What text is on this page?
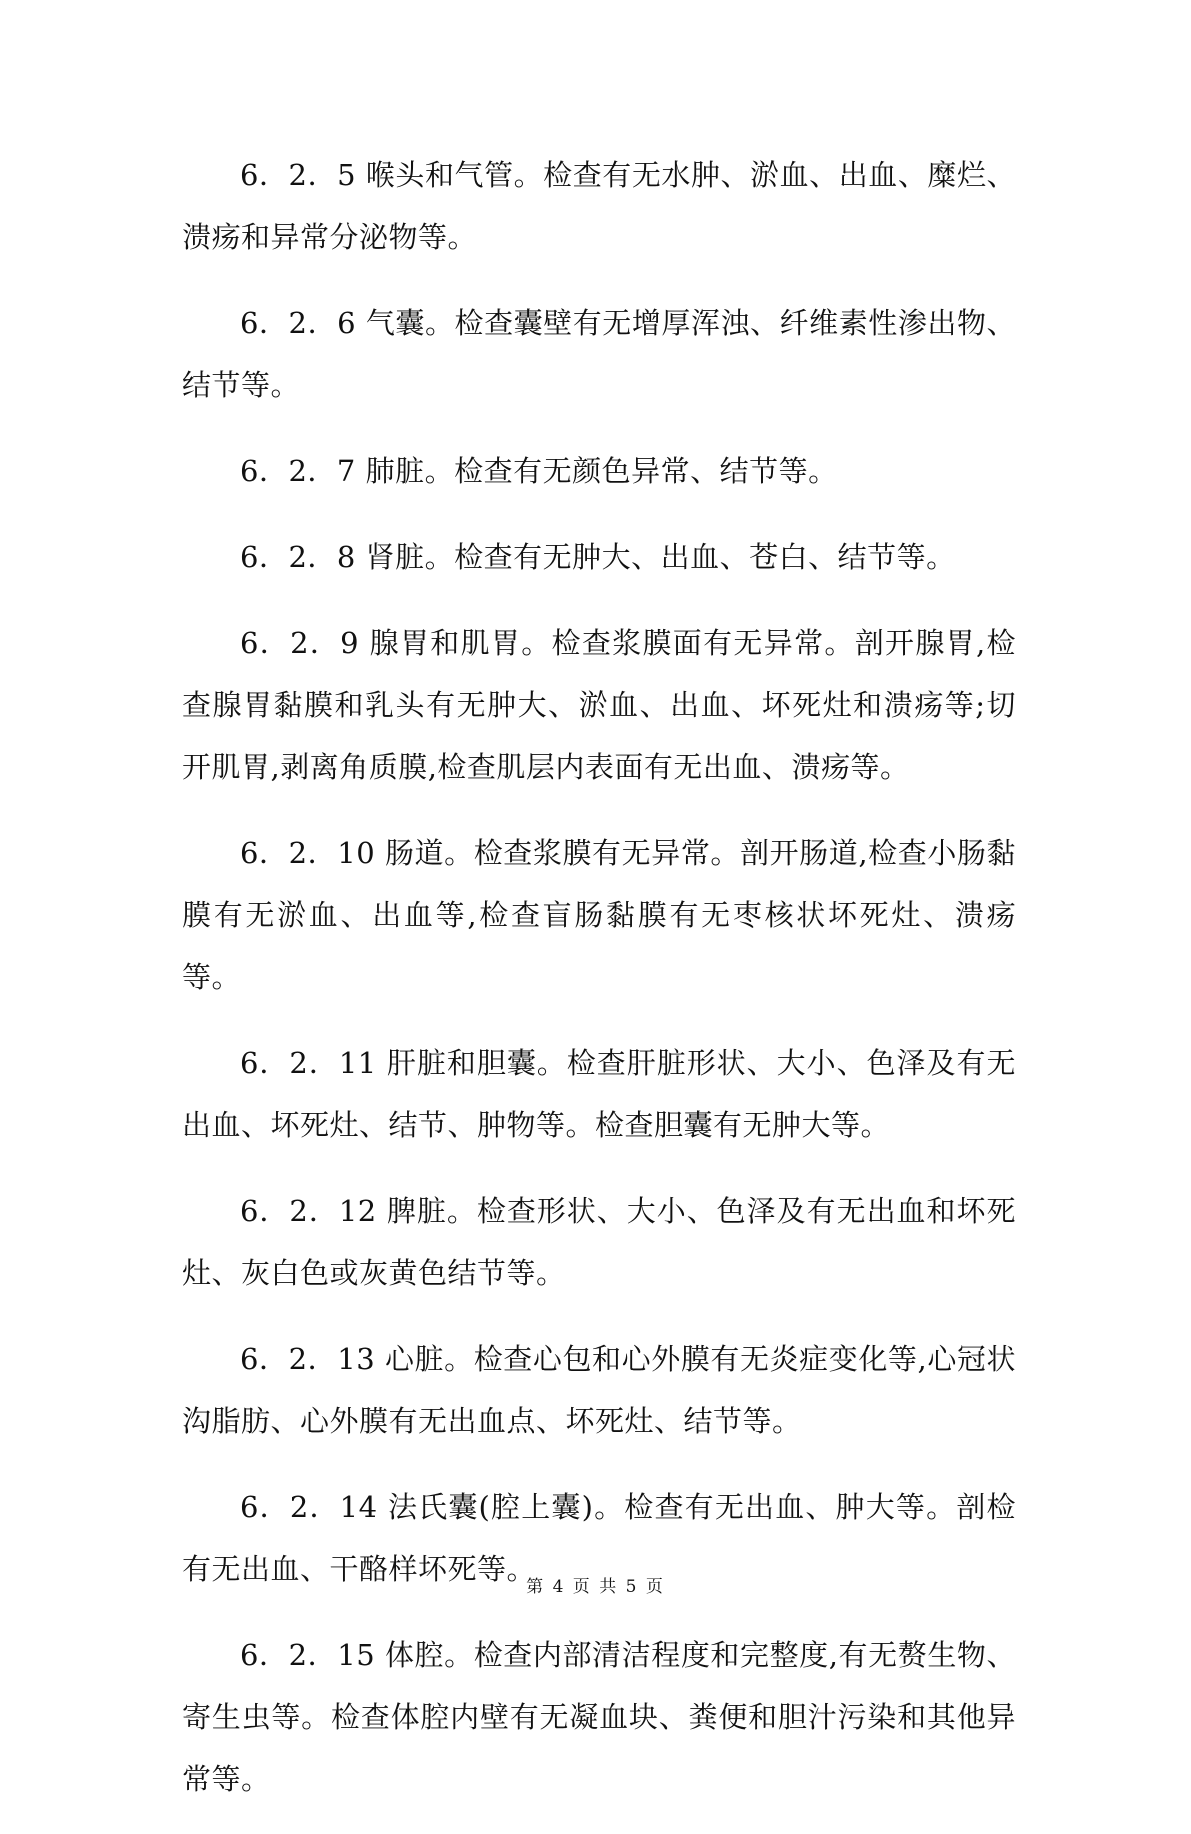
6．2．5 喉头和气管。检查有无水肿、淤血、出血、糜烂、溃疡和异常分泌物等。

6．2．6 气囊。检查囊壁有无增厚浑浊、纤维素性渗出物、结节等。

6．2．7 肺脏。检查有无颜色异常、结节等。

6．2．8 肾脏。检查有无肿大、出血、苍白、结节等。

6．2．9 腺胃和肌胃。检查浆膜面有无异常。剖开腺胃,检查腺胃黏膜和乳头有无肿大、淤血、出血、坏死灶和溃疡等;切开肌胃,剥离角质膜,检查肌层内表面有无出血、溃疡等。

6．2．10 肠道。检查浆膜有无异常。剖开肠道,检查小肠黏膜有无淤血、出血等,检查盲肠黏膜有无枣核状坏死灶、溃疡等。

6．2．11 肝脏和胆囊。检查肝脏形状、大小、色泽及有无出血、坏死灶、结节、肿物等。检查胆囊有无肿大等。

6．2．12 脾脏。检查形状、大小、色泽及有无出血和坏死灶、灰白色或灰黄色结节等。

6．2．13 心脏。检查心包和心外膜有无炎症变化等,心冠状沟脂肪、心外膜有无出血点、坏死灶、结节等。

6．2．14 法氏囊(腔上囊)。检查有无出血、肿大等。剖检有无出血、干酪样坏死等。

6．2．15 体腔。检查内部清洁程度和完整度,有无赘生物、寄生虫等。检查体腔内壁有无凝血块、粪便和胆汁污染和其他异常等。

第 4 页 共 5 页
